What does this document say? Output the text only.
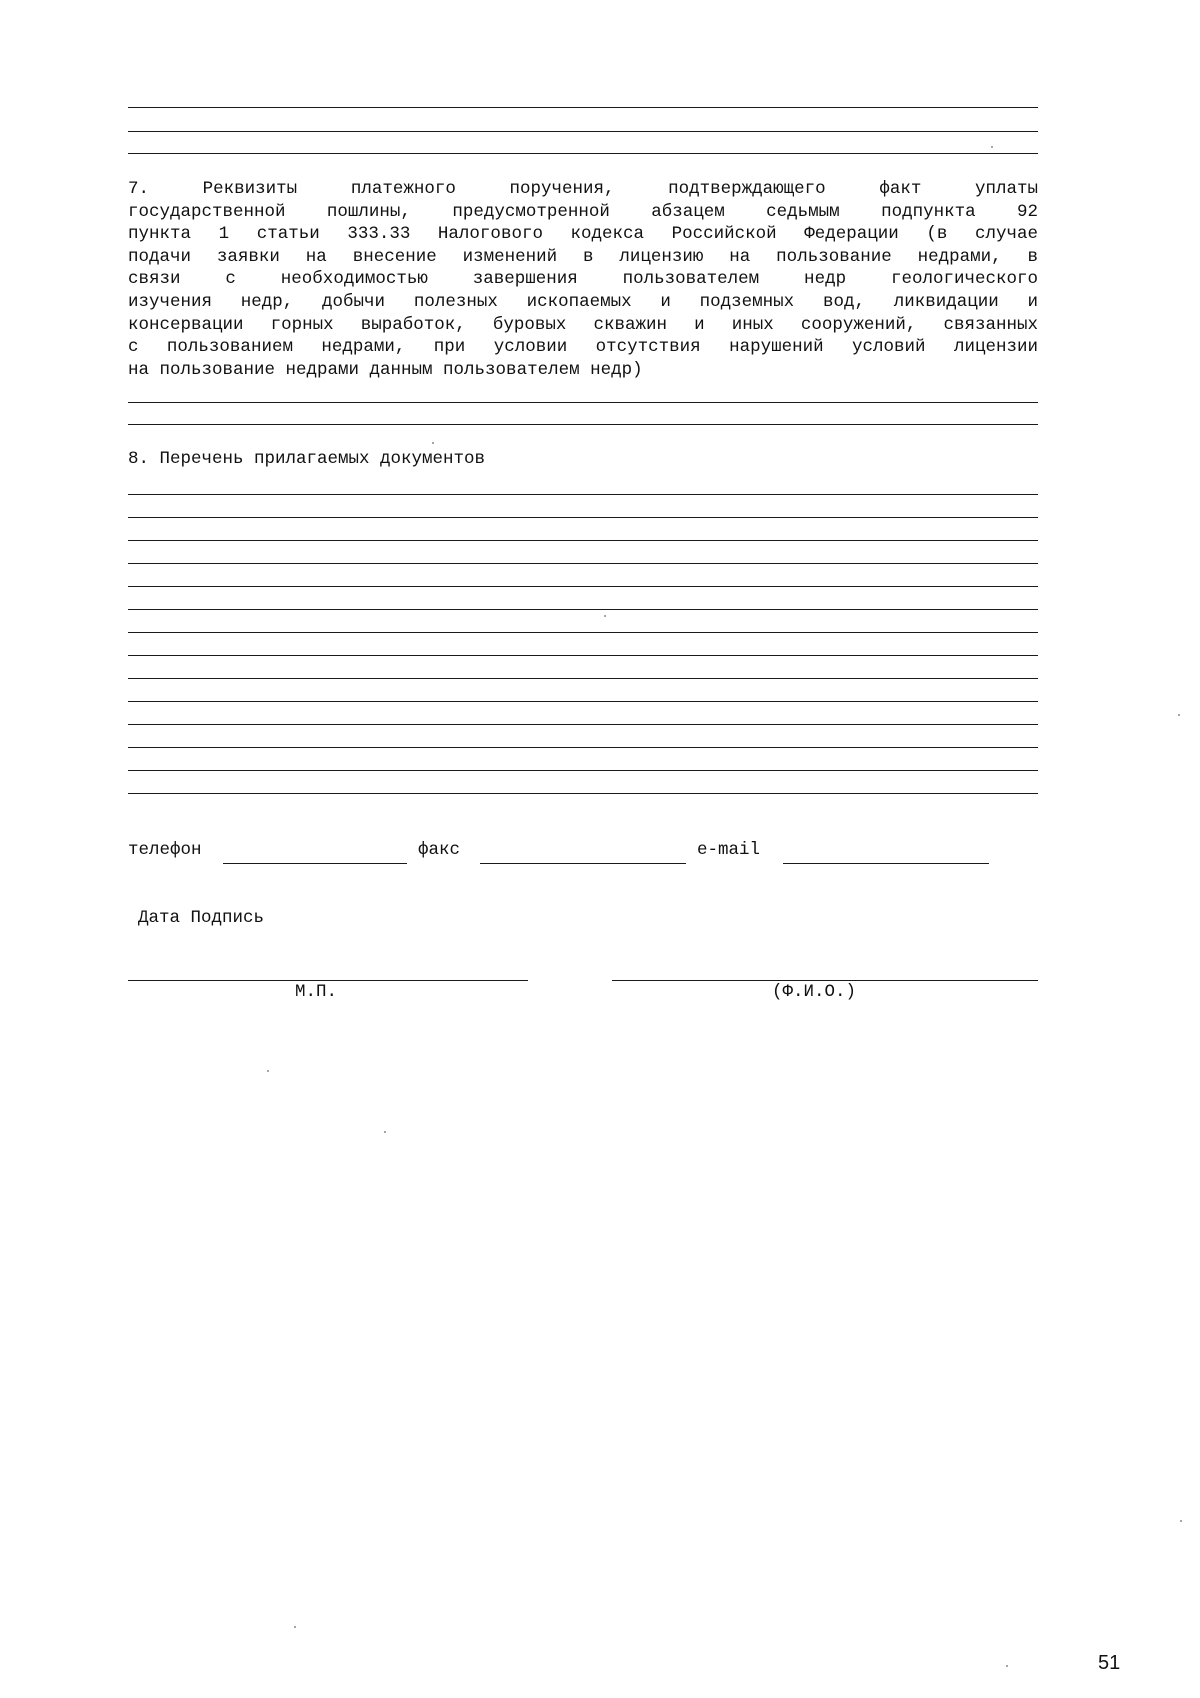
7. Реквизиты платежного поручения, подтверждающего факт уплаты
государственной пошлины, предусмотренной абзацем седьмым подпункта 92
пункта 1 статьи 333.33 Налогового кодекса Российской Федерации (в случае
подачи заявки на внесение изменений в лицензию на пользование недрами, в
связи с необходимостью завершения пользователем недр геологического
изучения недр, добычи полезных ископаемых и подземных вод, ликвидации и
консервации горных выработок, буровых скважин и иных сооружений, связанных
с пользованием недрами, при условии отсутствия нарушений условий лицензии
на пользование недрами данным пользователем недр)
8. Перечень прилагаемых документов
телефон	факс	e-mail
Дата Подпись
М.П.	(Ф.И.О.)
51
